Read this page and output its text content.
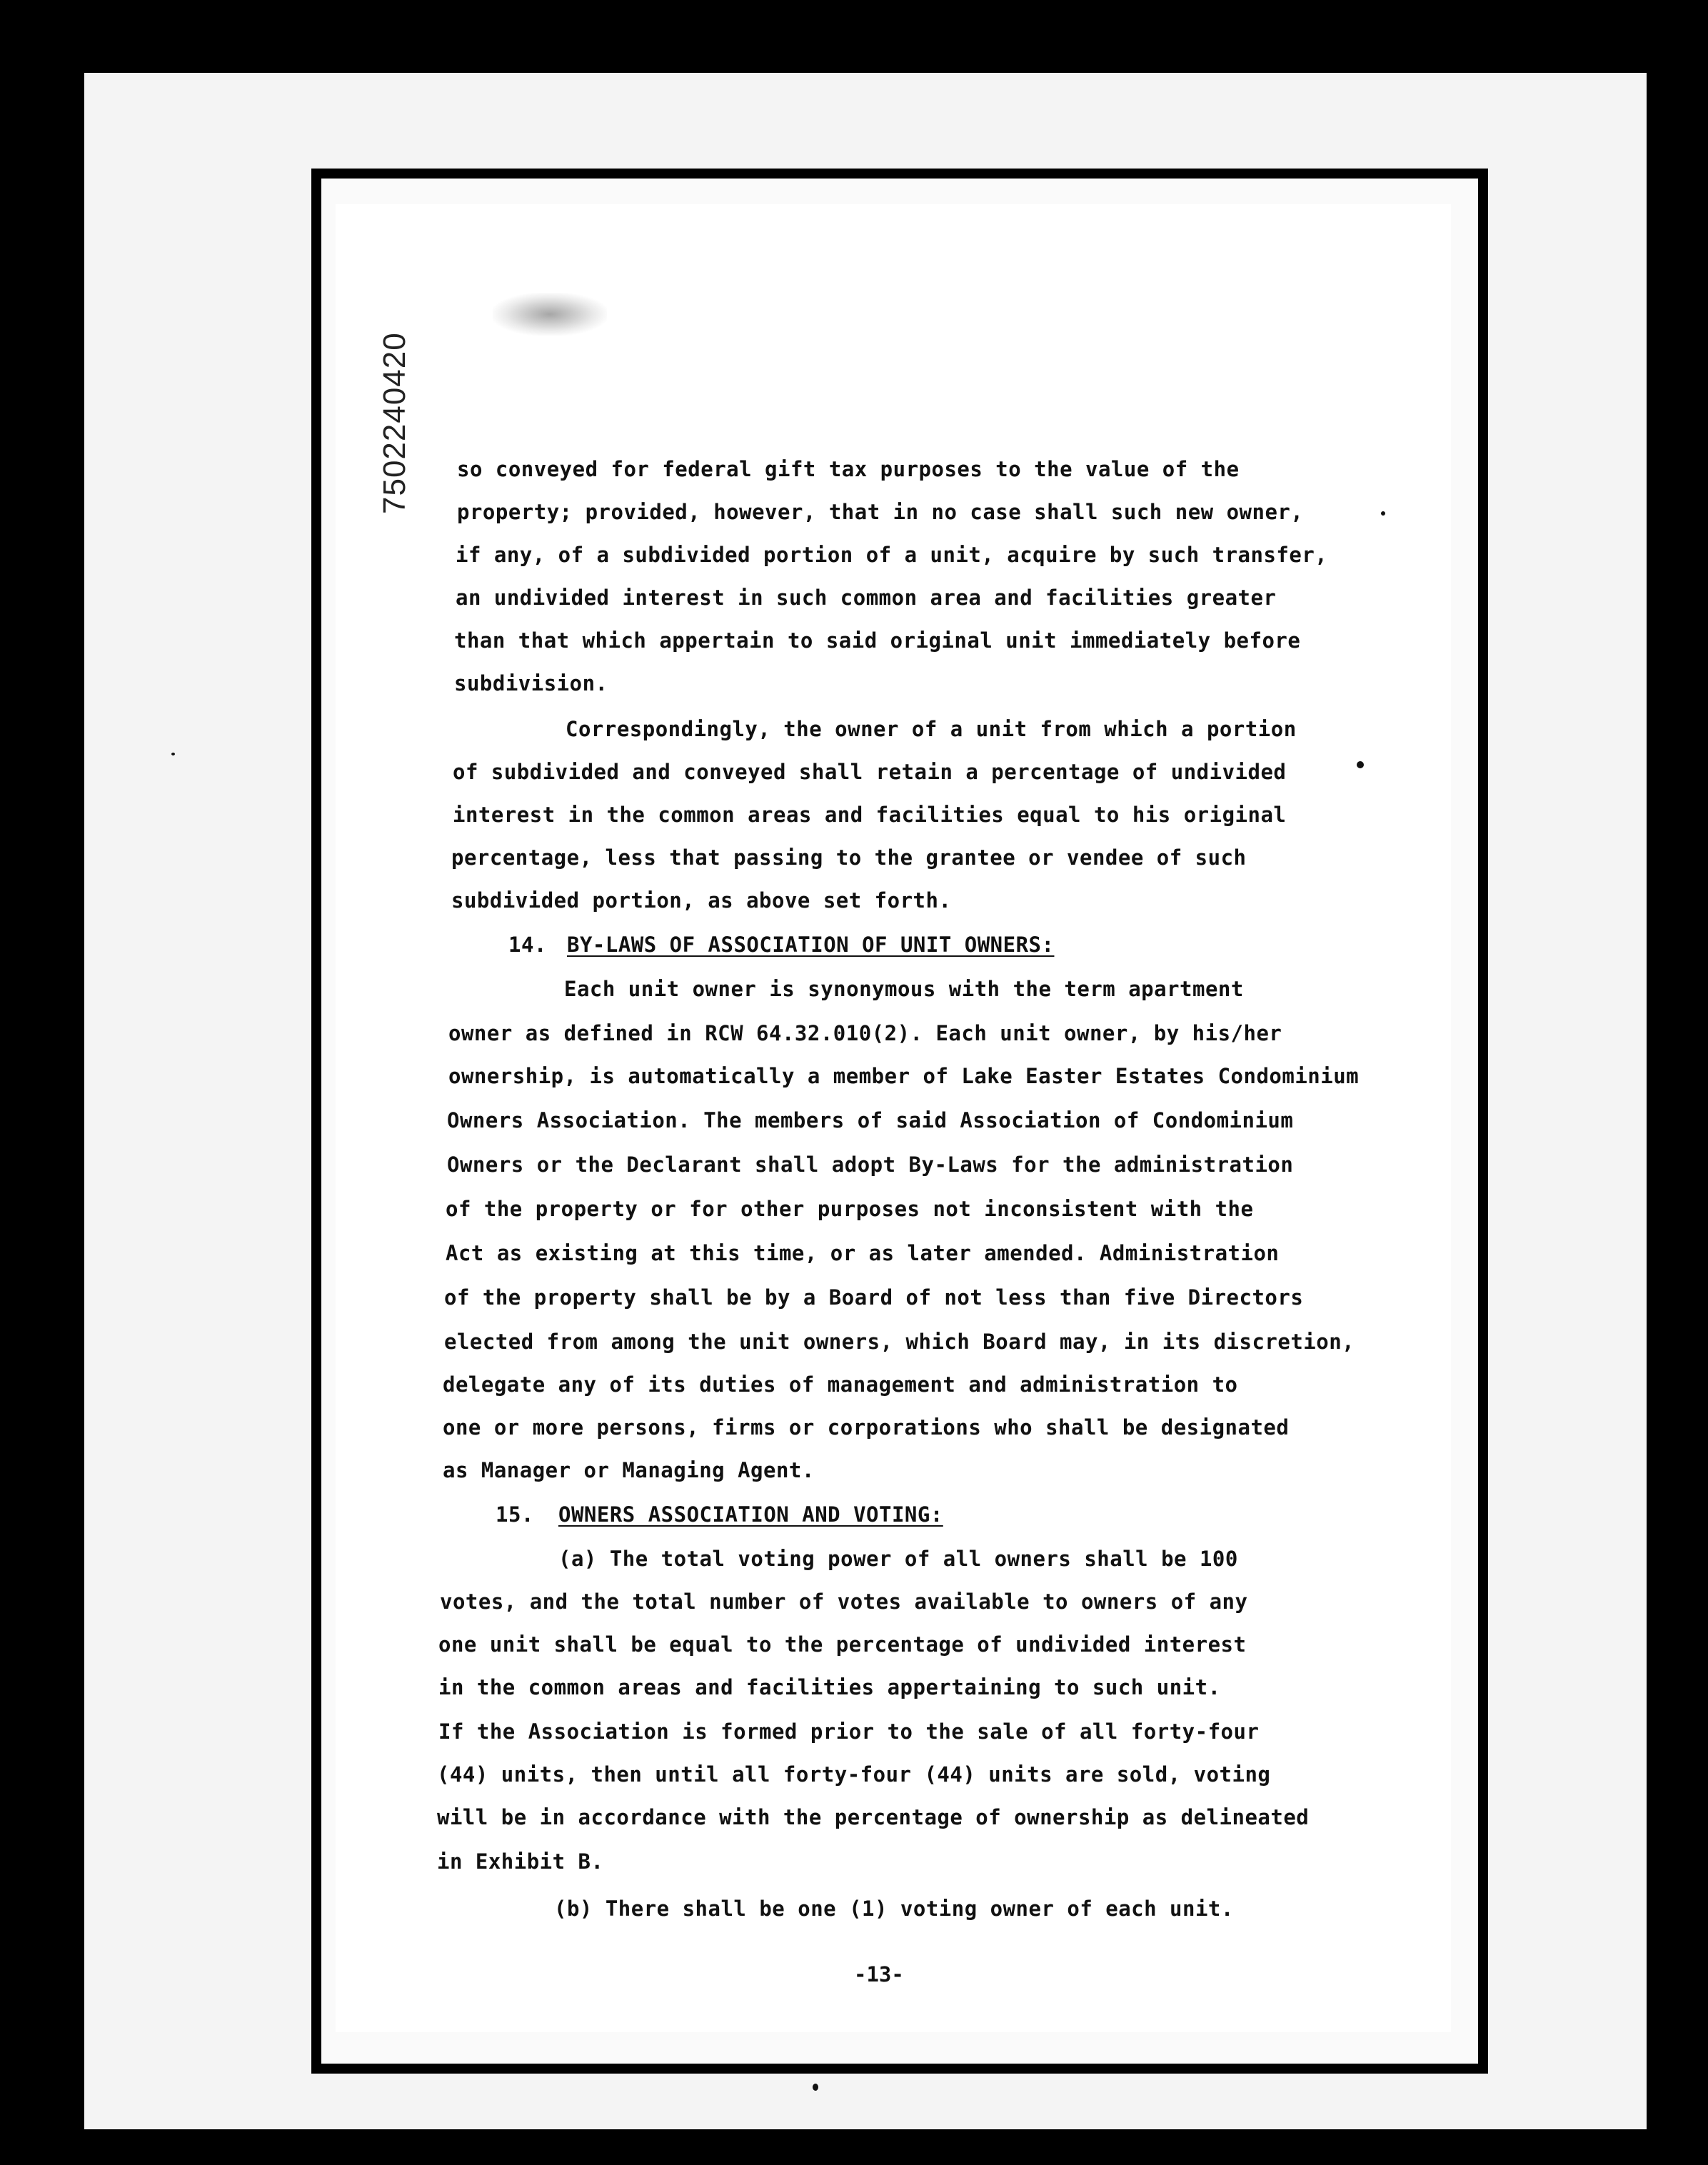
7502240420 so conveyed for federal gift tax purposes to the value of the
property; provided, however, that in no case shall such new owner,
if any, of a subdivided portion of a unit, acquire by such transfer,
an undivided interest in such common area and facilities greater
than that which appertain to said original unit immediately before
subdivision.
Correspondingly, the owner of a unit from which a portion
of subdivided and conveyed shall retain a percentage of undivided
interest in the common areas and facilities equal to his original
percentage, less that passing to the grantee or vendee of such
subdivided portion, as above set forth.
14. BY-LAWS OF ASSOCIATION OF UNIT OWNERS:
Each unit owner is synonymous with the term apartment
owner as defined in RCW 64.32.010(2). Each unit owner, by his/her
ownership, is automatically a member of Lake Easter Estates Condominium
Owners Association. The members of said Association of Condominium
Owners or the Declarant shall adopt By-Laws for the administration
of the property or for other purposes not inconsistent with the
Act as existing at this time, or as later amended. Administration
of the property shall be by a Board of not less than five Directors
elected from among the unit owners, which Board may, in its discretion,
delegate any of its duties of management and administration to
one or more persons, firms or corporations who shall be designated
as Manager or Managing Agent.
15. OWNERS ASSOCIATION AND VOTING:
(a) The total voting power of all owners shall be 100
votes, and the total number of votes available to owners of any
one unit shall be equal to the percentage of undivided interest
in the common areas and facilities appertaining to such unit.
If the Association is formed prior to the sale of all forty-four
(44) units, then until all forty-four (44) units are sold, voting
will be in accordance with the percentage of ownership as delineated
in Exhibit B.
(b) There shall be one (1) voting owner of each unit.
-13-
